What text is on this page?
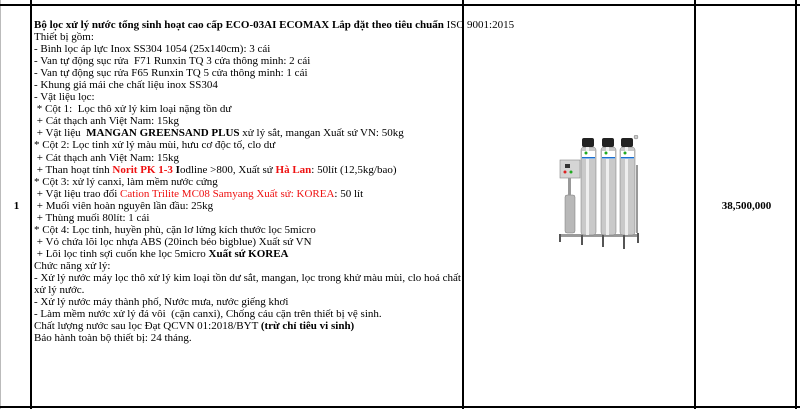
1
Bộ lọc xử lý nước tổng sinh hoạt cao cấp ECO-03AI ECOMAX Lắp đặt theo tiêu chuẩn ISO 9001:2015
Thiết bị gồm:
- Bình lọc áp lực Inox SS304 1054 (25x140cm): 3 cái
- Van tự động sục rửa  F71 Runxin TQ 3 cửa thông minh: 2 cái
- Van tự động sục rửa F65 Runxin TQ 5 cửa thông minh: 1 cái
- Khung giá mái che chất liệu inox SS304
- Vật liệu lọc:
* Cột 1:  Lọc thô xử lý kim loại nặng tồn dư
+ Cát thạch anh Việt Nam: 15kg
+ Vật liệu  MANGAN GREENSAND PLUS xử lý sắt, mangan Xuất sứ VN: 50kg
* Cột 2: Lọc tinh xử lý màu mùi, hưu cơ độc tố, clo dư
+ Cát thạch anh Việt Nam: 15kg
+ Than hoạt tính Norit PK 1-3 Iodline >800, Xuất sứ Hà Lan: 50lít (12,5kg/bao)
* Cột 3: xử lý canxi, làm mềm nước cứng
+ Vật liệu trao đổi Cation Trilite MC08 Samyang Xuất sứ: KOREA: 50 lít
+ Muối viên hoàn nguyên lần đầu: 25kg
+ Thùng muối 80lít: 1 cái
* Cột 4: Lọc tinh, huyền phù, cặn lơ lửng kích thước lọc 5micro
+ Vỏ chứa lõi lọc nhựa ABS (20inch béo bigblue) Xuất sứ VN
+ Lõi lọc tinh sợi cuốn khe lọc 5micro Xuất sứ KOREA
Chức năng xử lý:
- Xử lý nước máy lọc thô xử lý kim loại tồn dư sắt, mangan, lọc trong khử màu mùi, clo hoá chất xử lý nước.
- Xử lý nước máy thành phố, Nước mưa, nước giếng khơi
- Làm mềm nước xử lý đá vôi  (cặn canxi), Chống cáu cặn trên thiết bị vệ sinh.
Chất lượng nước sau lọc Đạt QCVN 01:2018/BYT (trừ chỉ tiêu vi sinh)
Bảo hành toàn bộ thiết bị: 24 tháng.
38,500,000
